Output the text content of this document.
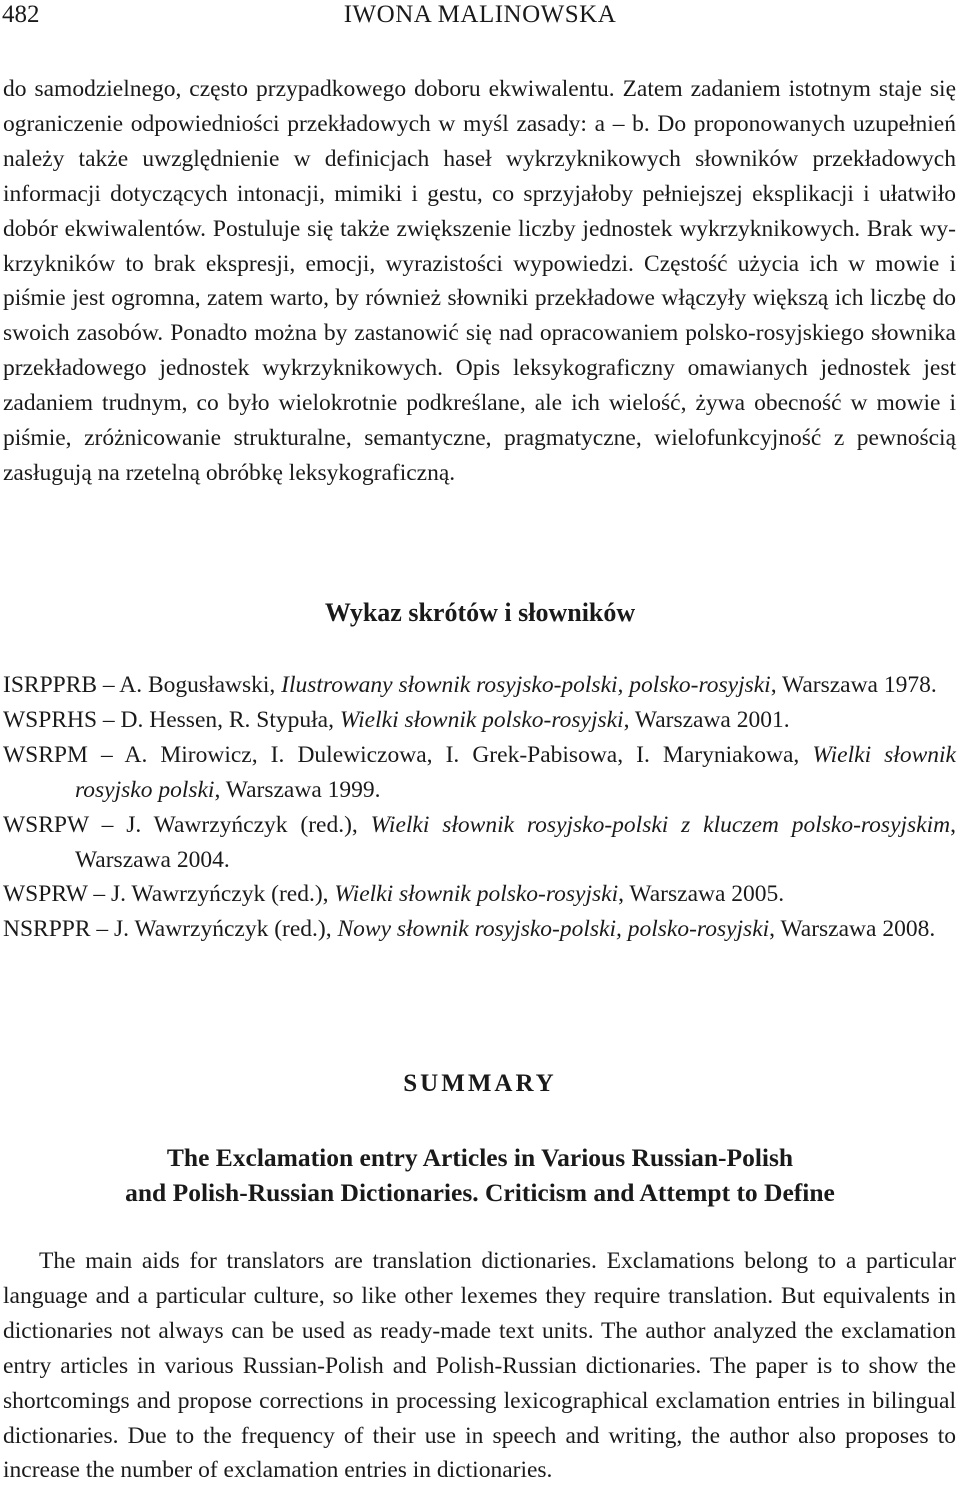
482	IWONA MALINOWSKA

do samodzielnego, często przypadkowego doboru ekwiwalentu. Zatem zadaniem istotnym staje się ograniczenie odpowiedniości przekładowych w myśl zasady: a – b. Do proponowanych uzupełnień należy także uwzględnienie w definicjach haseł wykrzyknikowych słowników przekładowych informacji dotyczących intonacji, mimiki i gestu, co sprzyjałoby pełniejszej eksplikacji i ułatwiło dobór ekwiwalentów. Postuluje się także zwiększenie liczby jednostek wykrzyknikowych. Brak wykrzykników to brak ekspresji, emocji, wyrazistości wypowiedzi. Częstość użycia ich w mowie i piśmie jest ogromna, zatem warto, by również słowniki przekładowe włączyły większą ich liczbę do swoich zasobów. Ponadto można by zastanowić się nad opracowaniem polsko-rosyjskiego słownika przekładowego jednostek wykrzyknikowych. Opis leksykograficzny omawianych jednostek jest zadaniem trudnym, co było wielokrotnie podkreślane, ale ich wielość, żywa obecność w mowie i piśmie, zróżnicowanie strukturalne, semantyczne, pragmatyczne, wielofunkcyjność z pewnością zasługują na rzetelną obróbkę leksykograficzną.

Wykaz skrótów i słowników
ISRPPRB – A. Bogusławski, Ilustrowany słownik rosyjsko-polski, polsko-rosyjski, Warszawa 1978.
WSPRHS – D. Hessen, R. Stypuła, Wielki słownik polsko-rosyjski, Warszawa 2001.
WSRPM – A. Mirowicz, I. Dulewiczowa, I. Grek-Pabisowa, I. Maryniakowa, Wielki słownik rosyjsko polski, Warszawa 1999.
WSRPW – J. Wawrzyńczyk (red.), Wielki słownik rosyjsko-polski z kluczem polsko-rosyjskim, Warszawa 2004.
WSPRW – J. Wawrzyńczyk (red.), Wielki słownik polsko-rosyjski, Warszawa 2005.
NSRPPR – J. Wawrzyńczyk (red.), Nowy słownik rosyjsko-polski, polsko-rosyjski, Warszawa 2008.
SUMMARY
The Exclamation entry Articles in Various Russian-Polish
and Polish-Russian Dictionaries. Criticism and Attempt to Define

The main aids for translators are translation dictionaries. Exclamations belong to a particular language and a particular culture, so like other lexemes they require translation. But equivalents in dictionaries not always can be used as ready-made text units. The author analyzed the exclamation entry articles in various Russian-Polish and Polish-Russian dictionaries. The paper is to show the shortcomings and propose corrections in processing lexicographical exclamation entries in bilingual dictionaries. Due to the frequency of their use in speech and writing, the author also proposes to increase the number of exclamation entries in dictionaries.
